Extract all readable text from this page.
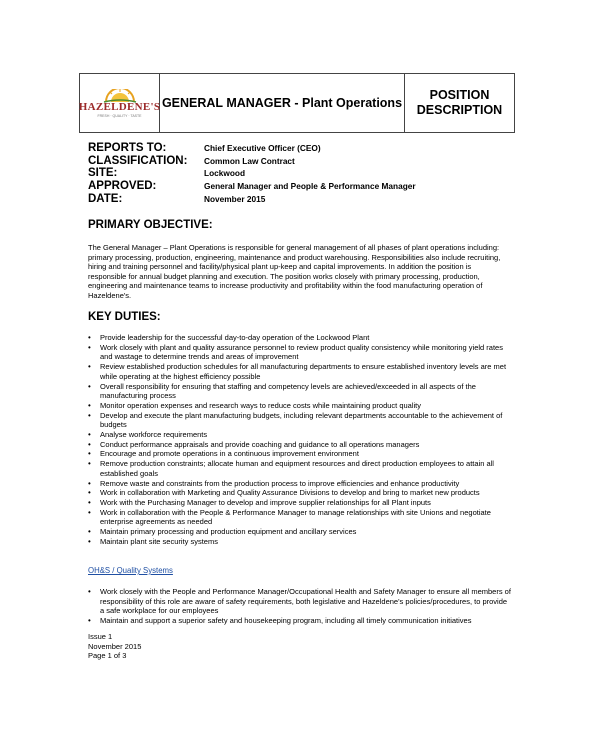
HAZELDENE'S
FRESH · QUALITY · TASTE
GENERAL MANAGER - Plant Operations
POSITION
DESCRIPTION
REPORTS TO:	Chief Executive Officer (CEO)
CLASSIFICATION:	Common Law Contract
SITE:	Lockwood
APPROVED:	General Manager and People & Performance Manager
DATE:	November 2015
PRIMARY OBJECTIVE:
The General Manager – Plant Operations is responsible for general management of all phases of plant operations including: primary processing, production, engineering, maintenance and product warehousing. Responsibilities also include recruiting, hiring and training personnel and facility/physical plant up-keep and capital improvements. In addition the position is responsible for annual budget planning and execution. The position works closely with primary processing, production, engineering and maintenance teams to increase productivity and profitability within the food manufacturing operation of Hazeldene's.
KEY DUTIES:
• Provide leadership for the successful day-to-day operation of the Lockwood Plant
• Work closely with plant and quality assurance personnel to review product quality consistency while monitoring yield rates and wastage to determine trends and areas of improvement
• Review established production schedules for all manufacturing departments to ensure established inventory levels are met while operating at the highest efficiency possible
• Overall responsibility for ensuring that staffing and competency levels are achieved/exceeded in all aspects of the manufacturing process
• Monitor operation expenses and research ways to reduce costs while maintaining product quality
• Develop and execute the plant manufacturing budgets, including relevant departments accountable to the achievement of budgets
• Analyse workforce requirements
• Conduct performance appraisals and provide coaching and guidance to all operations managers
• Encourage and promote operations in a continuous improvement environment
• Remove production constraints; allocate human and equipment resources and direct production employees to attain all established goals
• Remove waste and constraints from the production process to improve efficiencies and enhance productivity
• Work in collaboration with Marketing and Quality Assurance Divisions to develop and bring to market new products
• Work with the Purchasing Manager to develop and improve supplier relationships for all Plant inputs
• Work in collaboration with the People & Performance Manager to manage relationships with site Unions and negotiate enterprise agreements as needed
• Maintain primary processing and production equipment and ancillary services
• Maintain plant site security systems
OH&S / Quality Systems
• Work closely with the People and Performance Manager/Occupational Health and Safety Manager to ensure all members of responsibility of this role are aware of safety requirements, both legislative and Hazeldene's policies/procedures, to provide a safe workplace for our employees
• Maintain and support a superior safety and housekeeping program, including all timely communication initiatives
Issue 1
November 2015
Page 1 of 3
